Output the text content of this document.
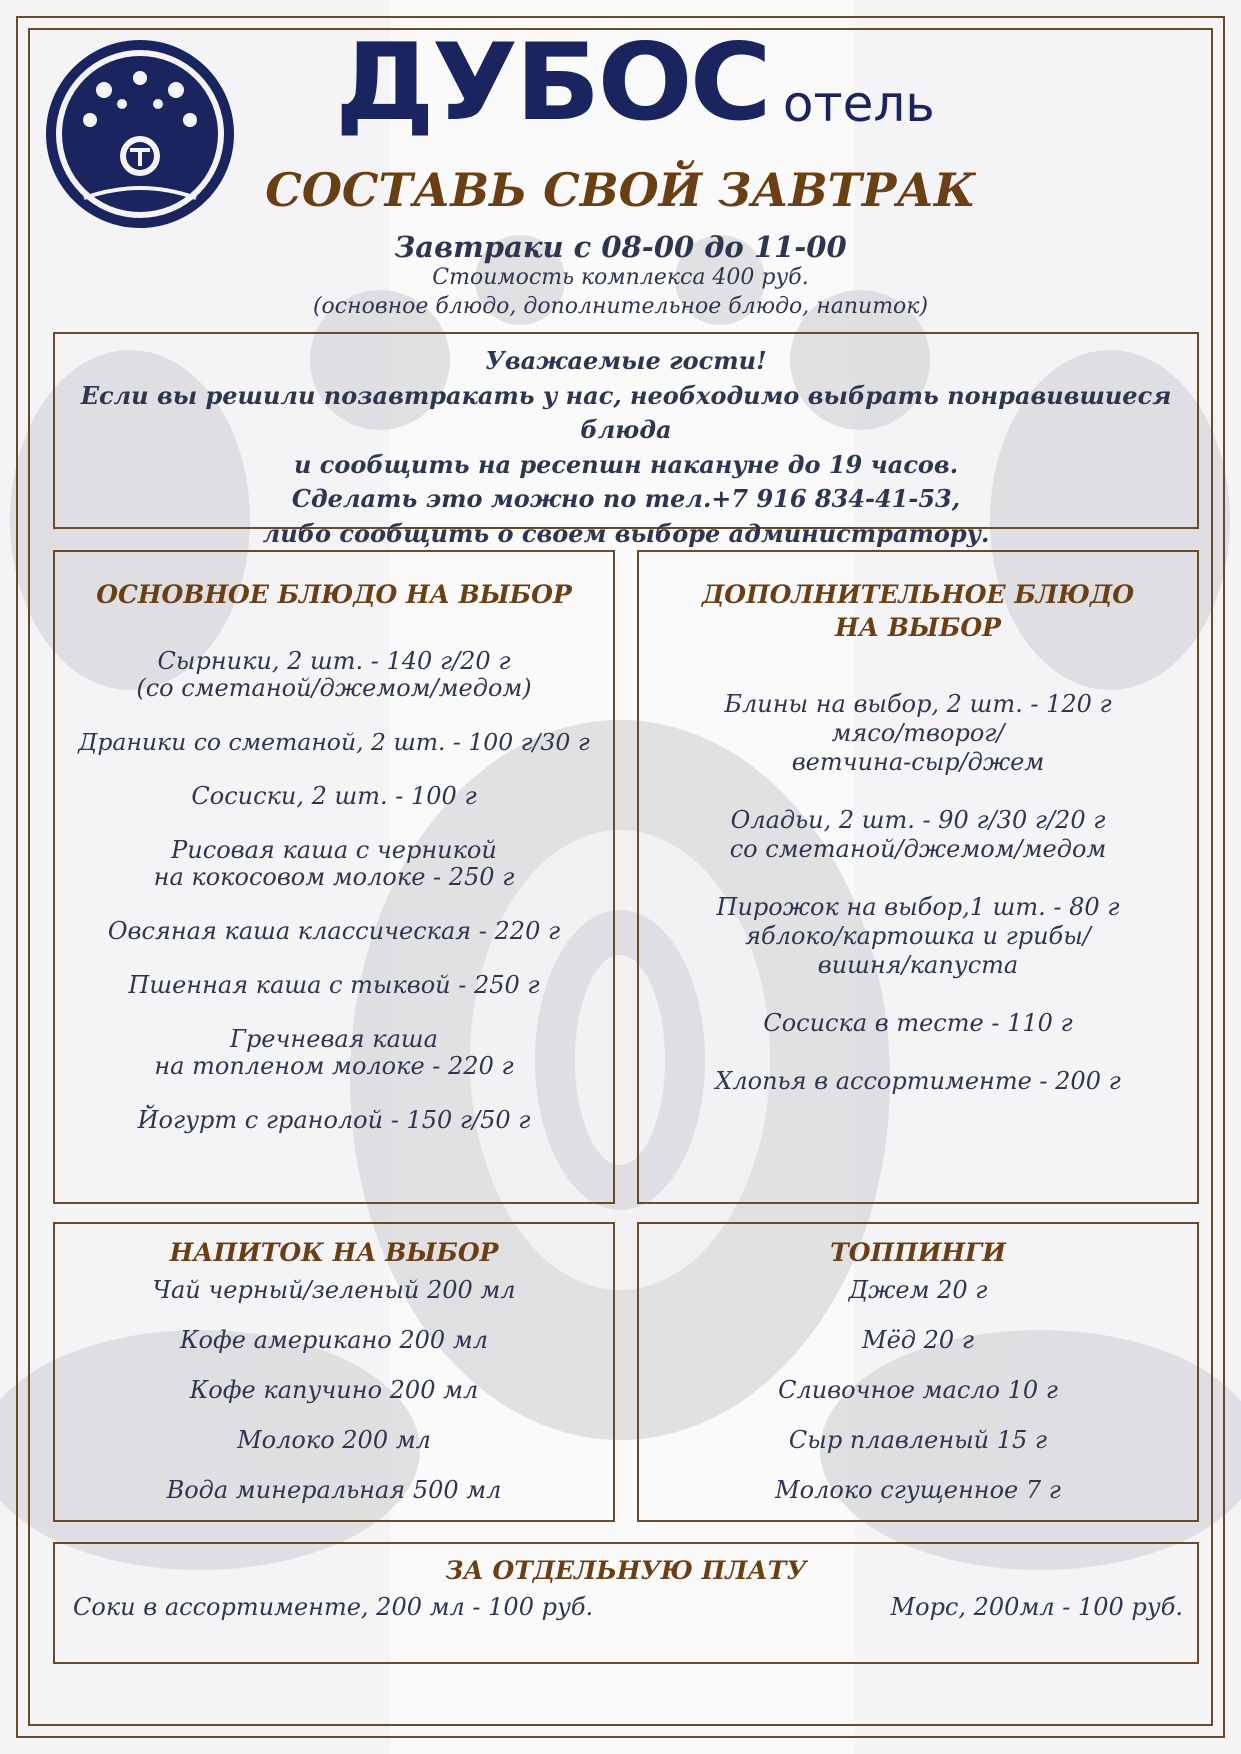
ДУБОС отель
СОСТАВЬ СВОЙ ЗАВТРАК
Завтраки с 08-00 до 11-00
Стоимость комплекса 400 руб.
(основное блюдо, дополнительное блюдо, напиток)
Уважаемые гости!
Если вы решили позавтракать у нас, необходимо выбрать понравившиеся блюда
и сообщить на ресепшн накануне до 19 часов.
Сделать это можно по тел.+7 916 834-41-53,
либо сообщить о своем выборе администратору.
ОСНОВНОЕ БЛЮДО НА ВЫБОР
Сырники, 2 шт. - 140 г/20 г
(со сметаной/джемом/медом)
Драники со сметаной, 2 шт. - 100 г/30 г
Сосиски, 2 шт. - 100 г
Рисовая каша с черникой
на кокосовом молоке - 250 г
Овсяная каша классическая - 220 г
Пшенная каша с тыквой - 250 г
Гречневая каша
на топленом молоке - 220 г
Йогурт с гранолой - 150 г/50 г
ДОПОЛНИТЕЛЬНОЕ БЛЮДО
НА ВЫБОР
Блины на выбор, 2 шт. - 120 г
мясо/творог/
ветчина-сыр/джем
Оладьи, 2 шт. - 90 г/30 г/20 г
со сметаной/джемом/медом
Пирожок на выбор,1 шт. - 80 г
яблоко/картошка и грибы/
вишня/капуста
Сосиска в тесте - 110 г
Хлопья в ассортименте - 200 г
НАПИТОК НА ВЫБОР
Чай черный/зеленый 200 мл
Кофе американо 200 мл
Кофе капучино 200 мл
Молоко 200 мл
Вода минеральная 500 мл
ТОППИНГИ
Джем 20 г
Мёд 20 г
Сливочное масло 10 г
Сыр плавленый 15 г
Молоко сгущенное 7 г
ЗА ОТДЕЛЬНУЮ ПЛАТУ
Соки в ассортименте, 200 мл - 100 руб.	Морс, 200мл - 100 руб.
